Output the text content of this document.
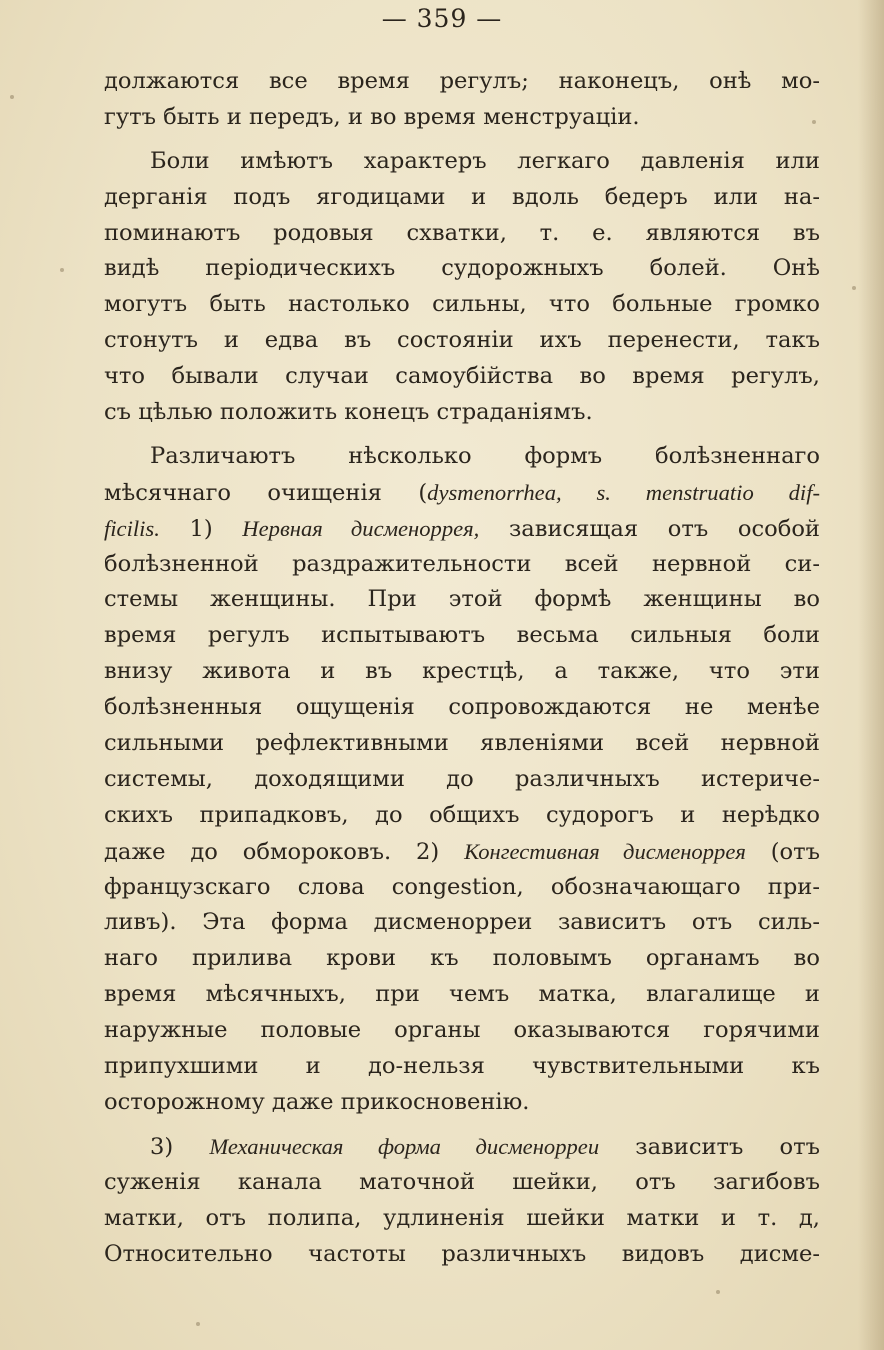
— 359 —
должаются все время регулъ; наконецъ, онѣ мо-
гутъ быть и передъ, и во время менструаціи.
Боли имѣютъ характеръ легкаго давленія или
дерганія подъ ягодицами и вдоль бедеръ или на-
поминаютъ родовыя схватки, т. е. являются въ
видѣ періодическихъ судорожныхъ болей. Онѣ
могутъ быть настолько сильны, что больные громко
стонутъ и едва въ состояніи ихъ перенести, такъ
что бывали случаи самоубійства во время регулъ,
съ цѣлью положить конецъ страданіямъ.
Различаютъ нѣсколько формъ болѣзненнаго
мѣсячнаго очищенія (dysmenorrhea, s. menstruatio dif-
ficilis. 1) Нервная дисменоррея, зависящая отъ особой
болѣзненной раздражительности всей нервной си-
стемы женщины. При этой формѣ женщины во
время регулъ испытываютъ весьма сильныя боли
внизу живота и въ крестцѣ, а также, что эти
болѣзненныя ощущенія сопровождаются не менѣе
сильными рефлективными явленіями всей нервной
системы, доходящими до различныхъ истериче-
скихъ припадковъ, до общихъ судорогъ и нерѣдко
даже до обмороковъ. 2) Конгестивная дисменоррея (отъ
французскаго слова congestion, обозначающаго при-
ливъ). Эта форма дисменорреи зависитъ отъ силь-
наго прилива крови къ половымъ органамъ во
время мѣсячныхъ, при чемъ матка, влагалище и
наружные половые органы оказываются горячими
припухшими и до-нельзя чувствительными къ
осторожному даже прикосновенію.
3) Механическая форма дисменорреи зависитъ отъ
суженія канала маточной шейки, отъ загибовъ
матки, отъ полипа, удлиненія шейки матки и т. д,
Относительно частоты различныхъ видовъ дисме-
